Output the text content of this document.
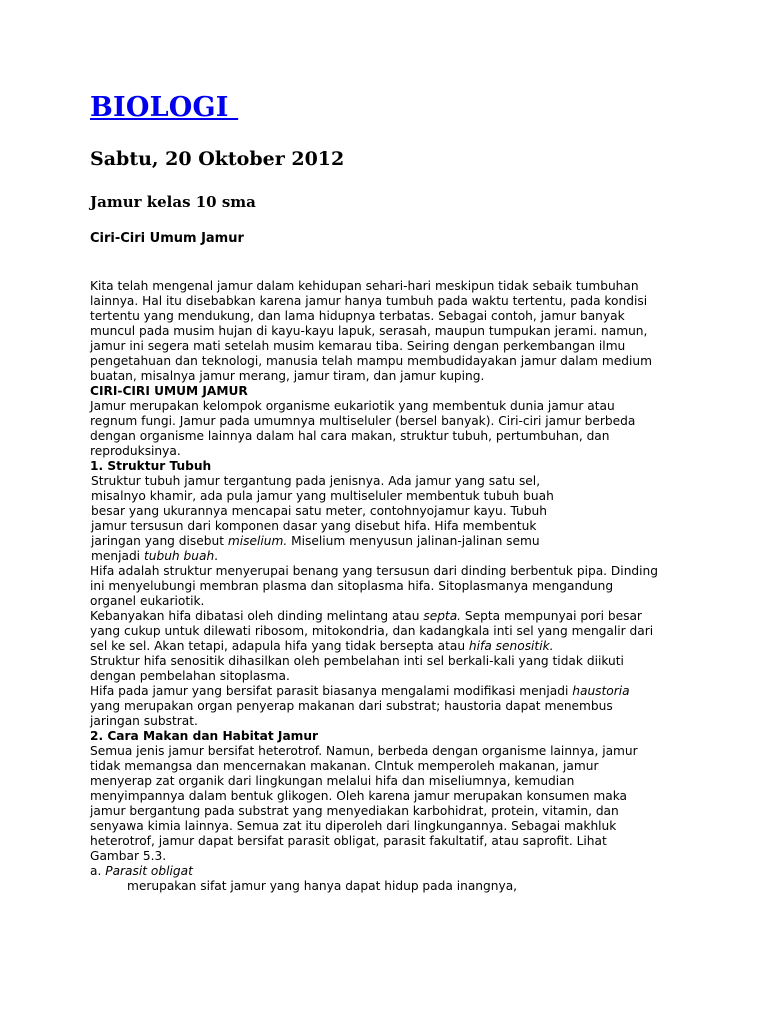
BIOLOGI
Sabtu, 20 Oktober 2012
Jamur kelas 10 sma
Ciri-Ciri Umum Jamur
Kita telah mengenal jamur dalam kehidupan sehari-hari meskipun tidak sebaik tumbuhan
lainnya. Hal itu disebabkan karena jamur hanya tumbuh pada waktu tertentu, pada kondisi
tertentu yang mendukung, dan lama hidupnya terbatas. Sebagai contoh, jamur banyak
muncul pada musim hujan di kayu-kayu lapuk, serasah, maupun tumpukan jerami. namun,
jamur ini segera mati setelah musim kemarau tiba. Seiring dengan perkembangan ilmu
pengetahuan dan teknologi, manusia telah mampu membudidayakan jamur dalam medium
buatan, misalnya jamur merang, jamur tiram, dan jamur kuping.
CIRI-CIRI UMUM JAMUR
Jamur merupakan kelompok organisme eukariotik yang membentuk dunia jamur atau
regnum fungi. Jamur pada umumnya multiseluler (bersel banyak). Ciri-ciri jamur berbeda
dengan organisme lainnya dalam hal cara makan, struktur tubuh, pertumbuhan, dan
reproduksinya.
1. Struktur Tubuh
Struktur tubuh jamur tergantung pada jenisnya. Ada jamur yang satu sel,
misalnyo khamir, ada pula jamur yang multiseluler membentuk tubuh buah
besar yang ukurannya mencapai satu meter, contohnyojamur kayu. Tubuh
jamur tersusun dari komponen dasar yang disebut hifa. Hifa membentuk
jaringan yang disebut miselium. Miselium menyusun jalinan-jalinan semu
menjadi tubuh buah.
Hifa adalah struktur menyerupai benang yang tersusun dari dinding berbentuk pipa. Dinding
ini menyelubungi membran plasma dan sitoplasma hifa. Sitoplasmanya mengandung
organel eukariotik.
Kebanyakan hifa dibatasi oleh dinding melintang atau septa. Septa mempunyai pori besar
yang cukup untuk dilewati ribosom, mitokondria, dan kadangkala inti sel yang mengalir dari
sel ke sel. Akan tetapi, adapula hifa yang tidak bersepta atau hifa senositik.
Struktur hifa senositik dihasilkan oleh pembelahan inti sel berkali-kali yang tidak diikuti
dengan pembelahan sitoplasma.
Hifa pada jamur yang bersifat parasit biasanya mengalami modifikasi menjadi haustoria
yang merupakan organ penyerap makanan dari substrat; haustoria dapat menembus
jaringan substrat.
2. Cara Makan dan Habitat Jamur
Semua jenis jamur bersifat heterotrof. Namun, berbeda dengan organisme lainnya, jamur
tidak memangsa dan mencernakan makanan. Clntuk memperoleh makanan, jamur
menyerap zat organik dari lingkungan melalui hifa dan miseliumnya, kemudian
menyimpannya dalam bentuk glikogen. Oleh karena jamur merupakan konsumen maka
jamur bergantung pada substrat yang menyediakan karbohidrat, protein, vitamin, dan
senyawa kimia lainnya. Semua zat itu diperoleh dari lingkungannya. Sebagai makhluk
heterotrof, jamur dapat bersifat parasit obligat, parasit fakultatif, atau saprofit. Lihat
Gambar 5.3.
a. Parasit obligat
merupakan sifat jamur yang hanya dapat hidup pada inangnya,
